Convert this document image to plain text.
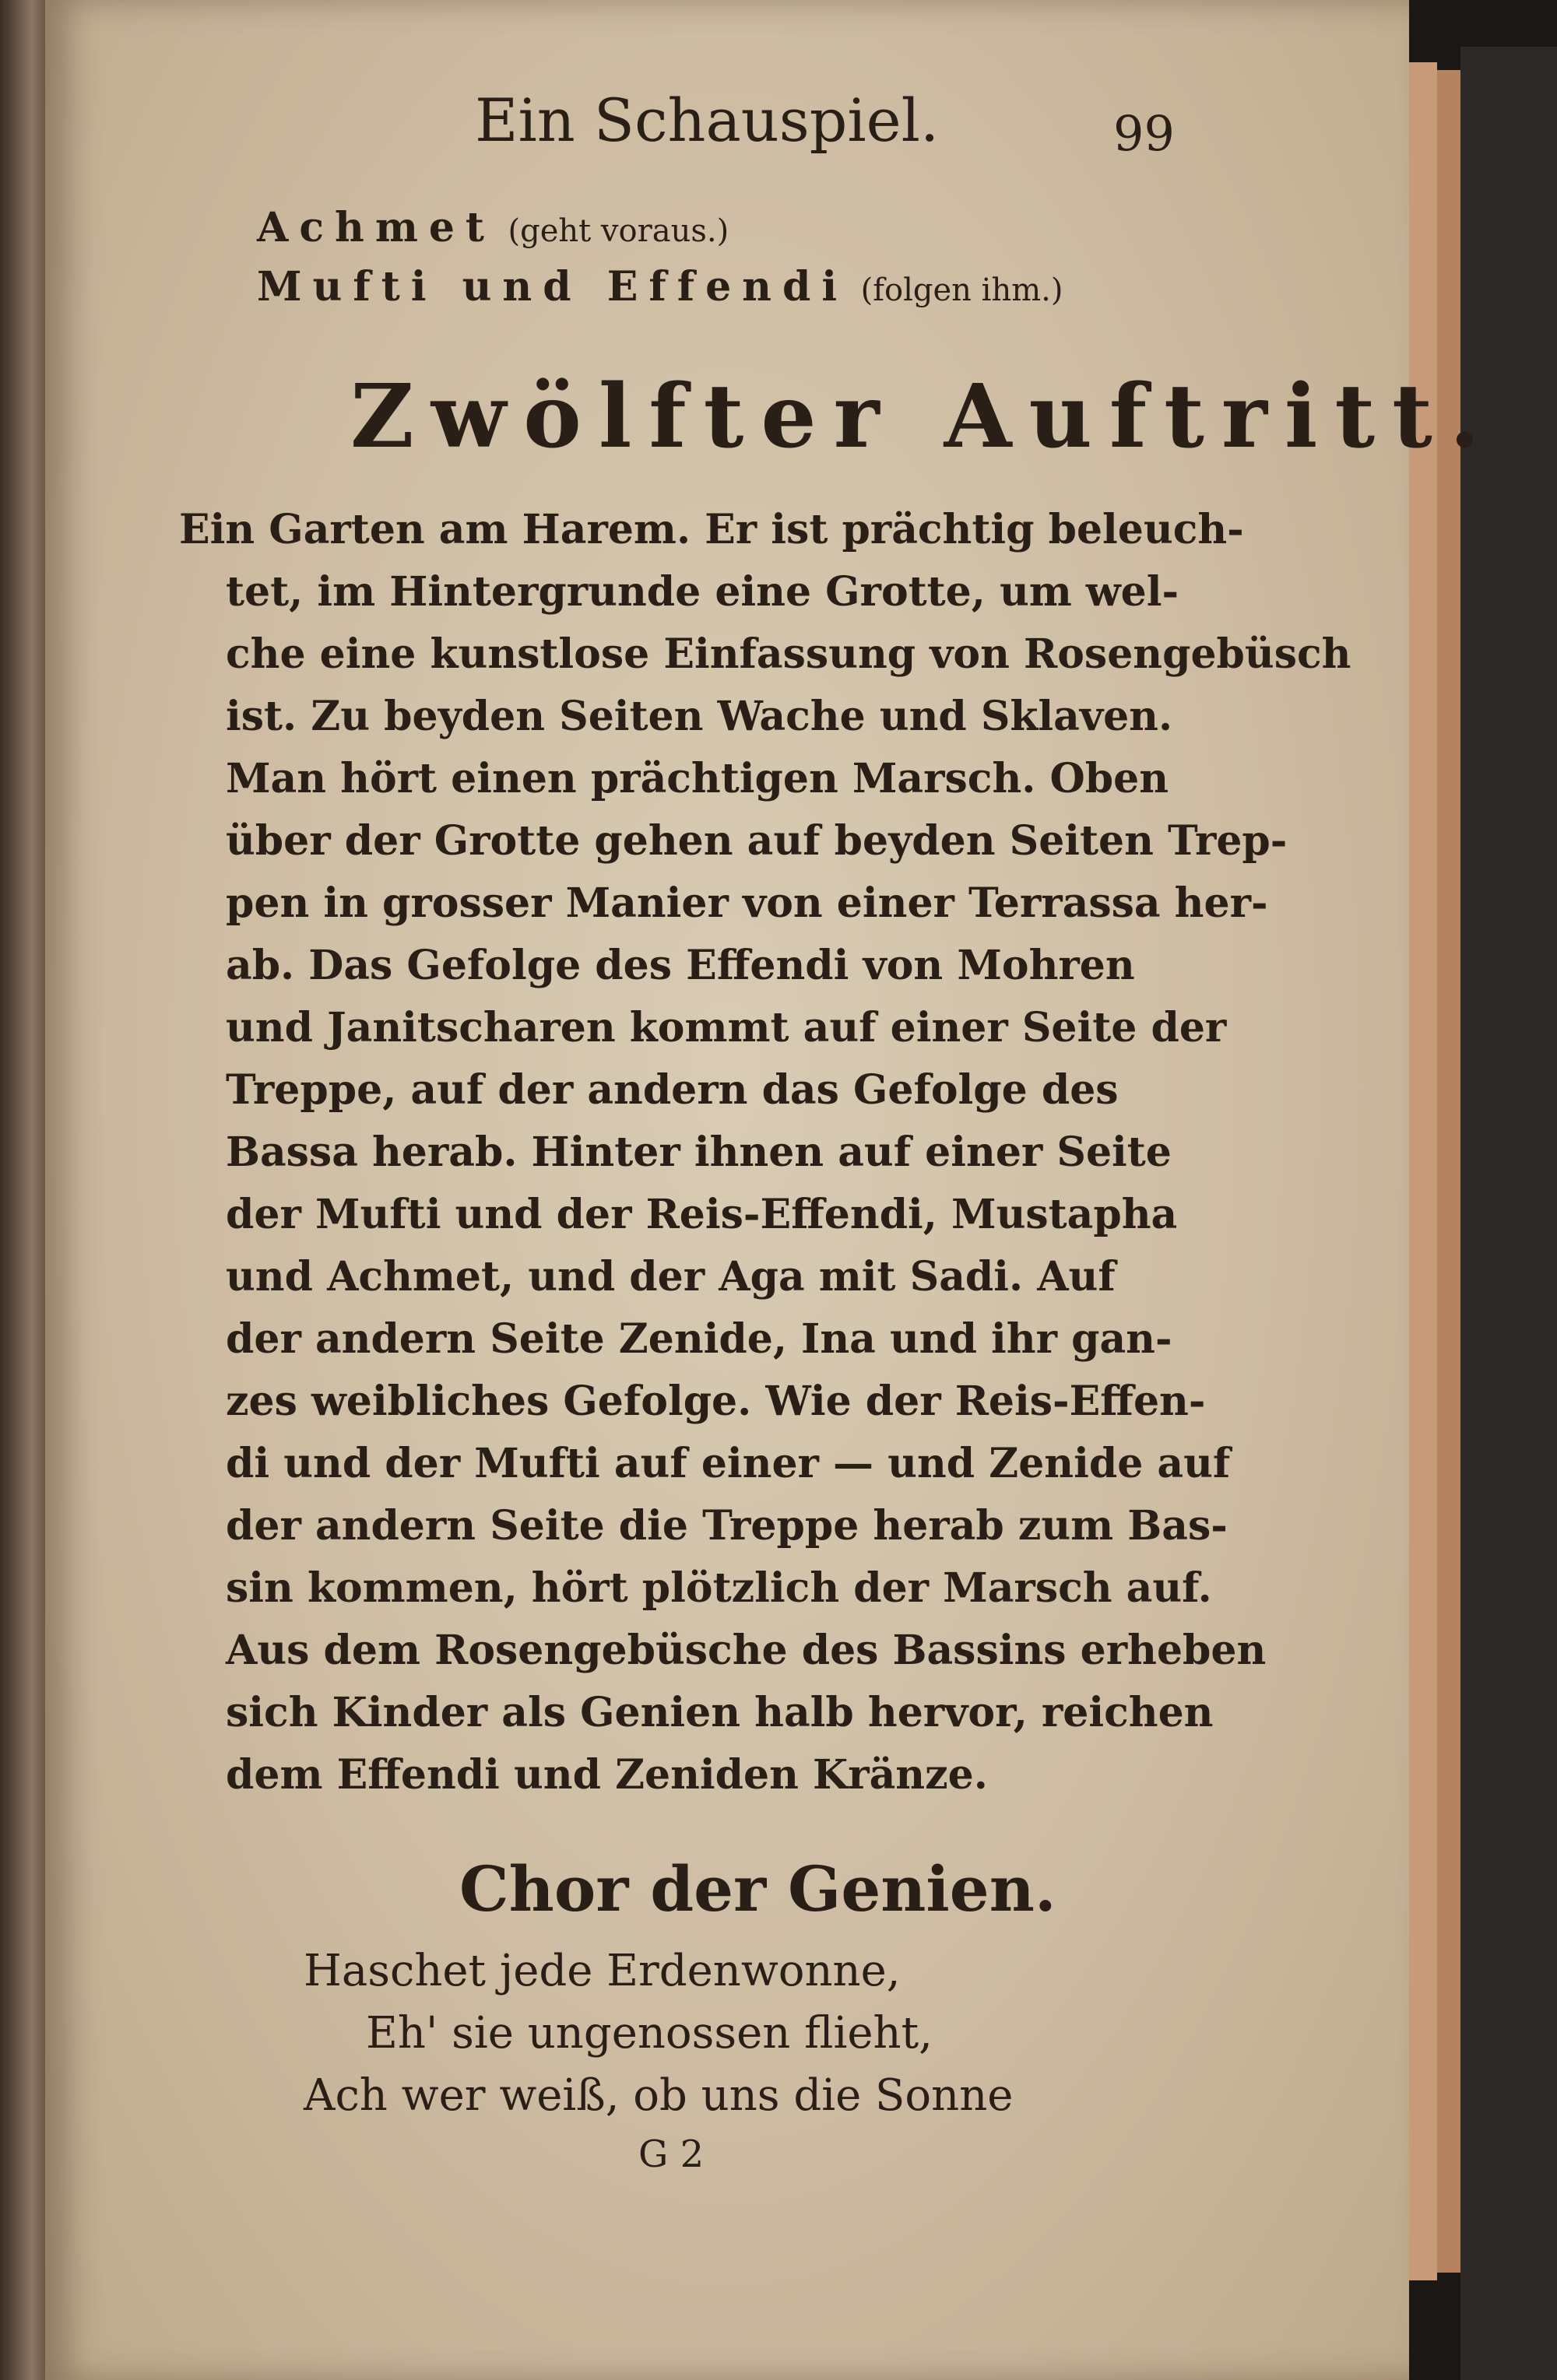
Ein Schauspiel.	99
Achmet (geht voraus.)
Mufti und Effendi (folgen ihm.)
Zwölfter Auftritt.
Ein Garten am Harem. Er ist prächtig beleuch-
tet, im Hintergrunde eine Grotte, um wel-
che eine kunstlose Einfassung von Rosengebüsch
ist. Zu beyden Seiten Wache und Sklaven.
Man hört einen prächtigen Marsch. Oben
über der Grotte gehen auf beyden Seiten Trep-
pen in grosser Manier von einer Terrassa her-
ab. Das Gefolge des Effendi von Mohren
und Janitscharen kommt auf einer Seite der
Treppe, auf der andern das Gefolge des
Bassa herab. Hinter ihnen auf einer Seite
der Mufti und der Reis-Effendi, Mustapha
und Achmet, und der Aga mit Sadi. Auf
der andern Seite Zenide, Ina und ihr gan-
zes weibliches Gefolge. Wie der Reis-Effen-
di und der Mufti auf einer — und Zenide auf
der andern Seite die Treppe herab zum Bas-
sin kommen, hört plötzlich der Marsch auf.
Aus dem Rosengebüsche des Bassins erheben
sich Kinder als Genien halb hervor, reichen
dem Effendi und Zeniden Kränze.
Chor der Genien.
Haschet jede Erdenwonne,
Eh' sie ungenossen flieht,
Ach wer weiß, ob uns die Sonne
G 2
